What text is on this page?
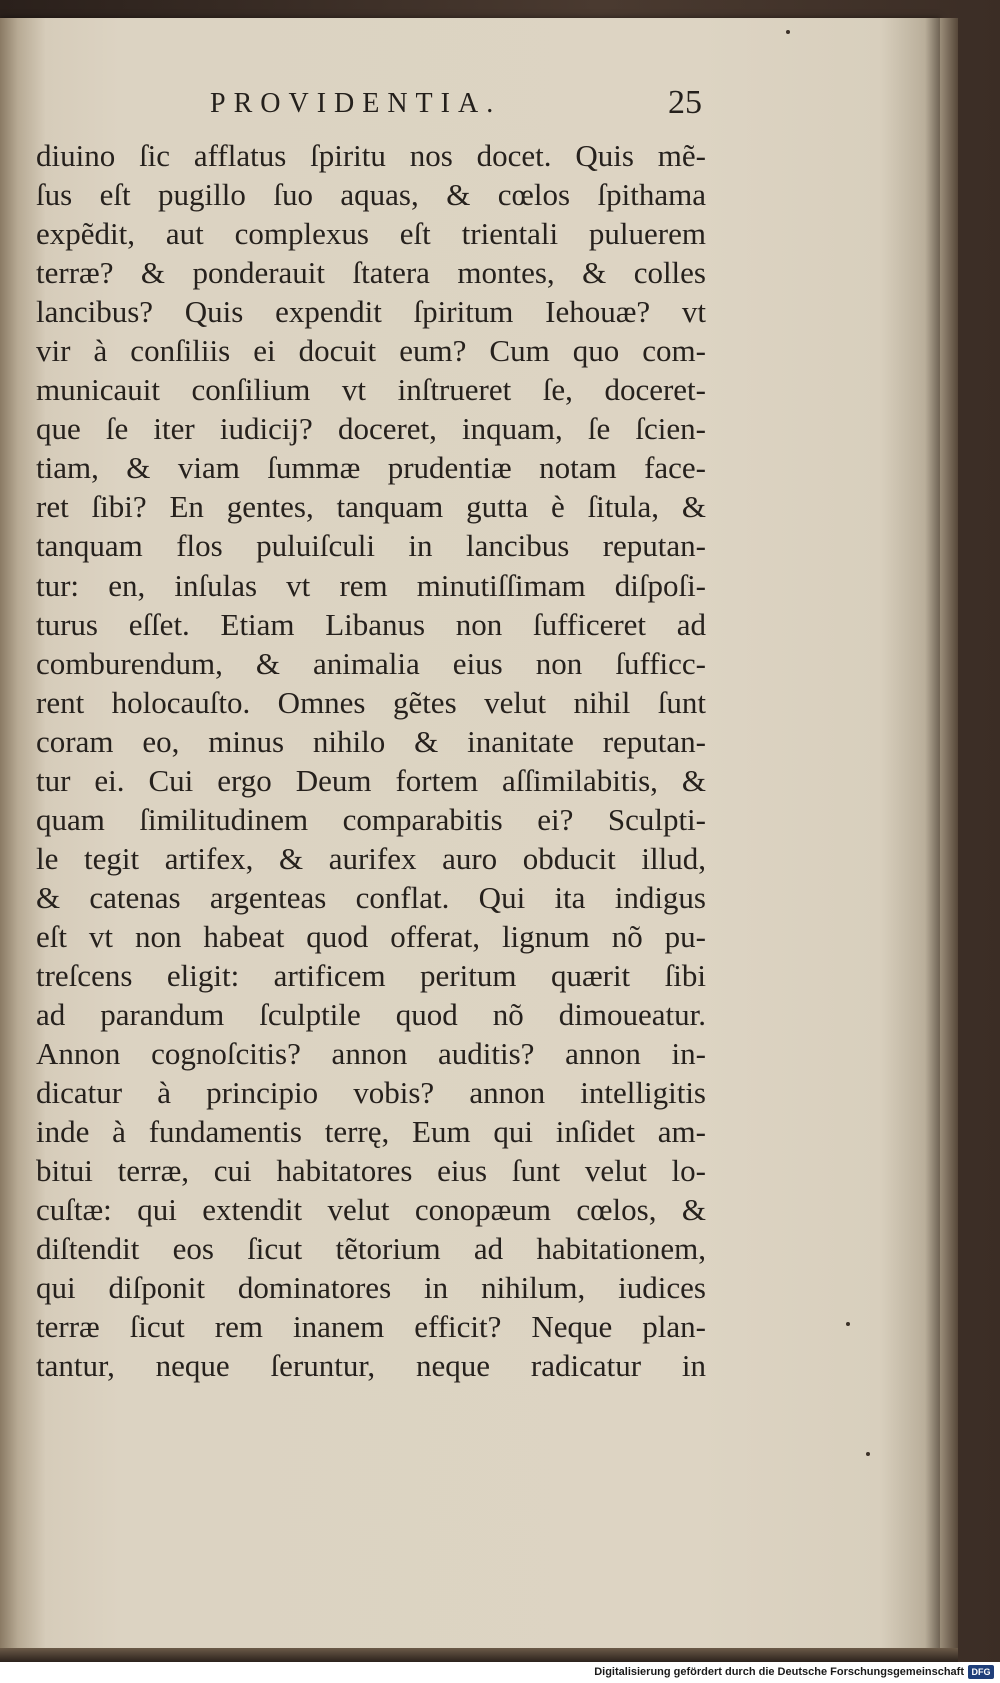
PROVIDENTIA.	25
diuino ſic afflatus ſpiritu nos docet. Quis mẽ-
ſus eſt pugillo ſuo aquas, & cœlos ſpithama
expẽdit, aut complexus eſt trientali puluerem
terræ? & ponderauit ſtatera montes, & colles
lancibus? Quis expendit ſpiritum Iehouæ? vt
vir à conſiliis ei docuit eum? Cum quo com-
municauit conſilium vt inſtrueret ſe, doceret-
que ſe iter iudicij? doceret, inquam, ſe ſcien-
tiam, & viam ſummæ prudentiæ notam face-
ret ſibi? En gentes, tanquam gutta è ſitula, &
tanquam flos puluiſculi in lancibus reputan-
tur: en, inſulas vt rem minutiſſimam diſpoſi-
turus eſſet. Etiam Libanus non ſufficeret ad
comburendum, & animalia eius non ſufficc-
rent holocauſto. Omnes gẽtes velut nihil ſunt
coram eo, minus nihilo & inanitate reputan-
tur ei. Cui ergo Deum fortem aſſimilabitis, &
quam ſimilitudinem comparabitis ei? Sculpti-
le tegit artifex, & aurifex auro obducit illud,
& catenas argenteas conflat. Qui ita indigus
eſt vt non habeat quod offerat, lignum nõ pu-
treſcens eligit: artificem peritum quærit ſibi
ad parandum ſculptile quod nõ dimoueatur.
Annon cognoſcitis? annon auditis? annon in-
dicatur à principio vobis? annon intelligitis
inde à fundamentis terrę, Eum qui inſidet am-
bitui terræ, cui habitatores eius ſunt velut lo-
cuſtæ: qui extendit velut conopæum cœlos, &
diſtendit eos ſicut tẽtorium ad habitationem,
qui diſponit dominatores in nihilum, iudices
terræ ſicut rem inanem efficit? Neque plan-
tantur, neque ſeruntur, neque radicatur in
Digitalisierung gefördert durch die Deutsche Forschungsgemeinschaft DFG
